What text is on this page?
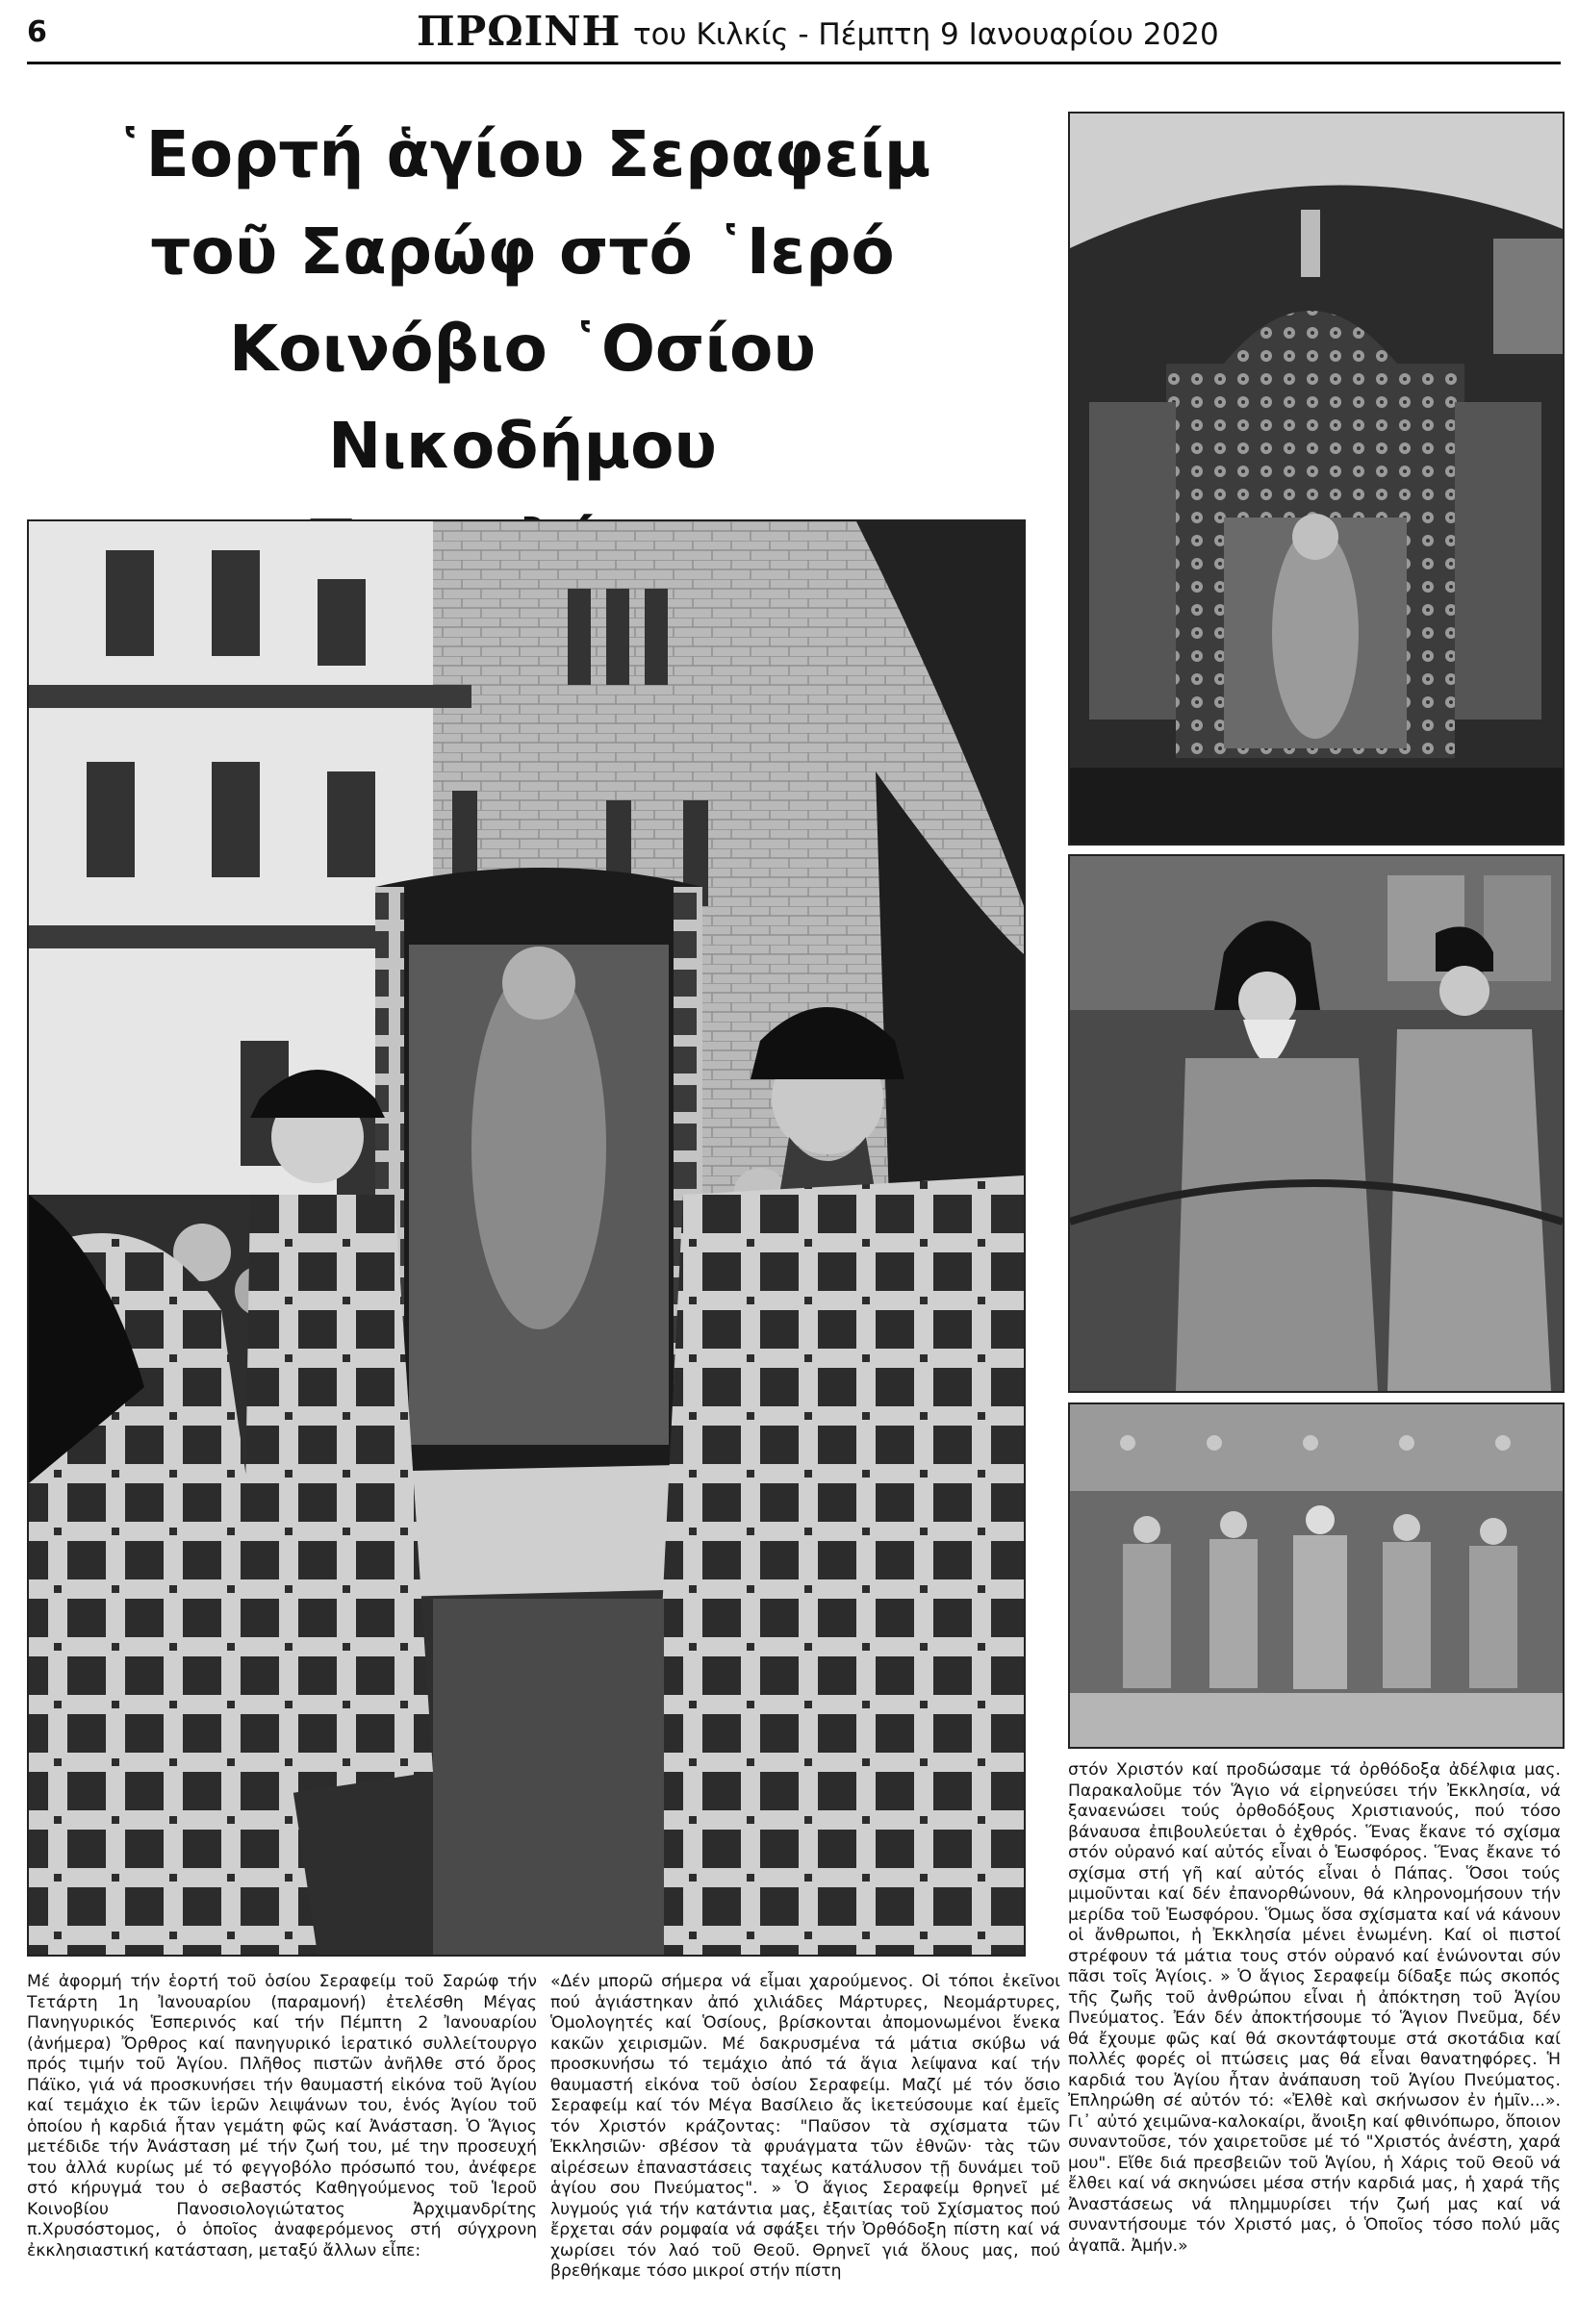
6	ΠΡΩΙΝΗ του Κιλκίς - Πέμπτη 9 Ιανουαρίου 2020
῾Εορτή ἁγίου Σεραφείμ
τοῦ Σαρώφ στό ῾Ιερό
Κοινόβιο ῾Οσίου Νικοδήμου

Μέ ἀφορμή τήν ἑορτή τοῦ ὁσίου Σεραφείμ τοῦ Σαρώφ τήν Τετάρτη 1η Ἰανουαρίου (παραμονή) ἐτελέσθη Μέγας Πανηγυρικός Ἑσπερινός καί τήν Πέμπτη 2 Ἰανουαρίου (ἀνήμερα) Ὄρθρος καί πανηγυρικό ἱερατικό συλλείτουργο πρός τιμήν τοῦ Ἁγίου. Πλῆθος πιστῶν ἀνῆλθε στό ὄρος Πάϊκο, γιά νά προσκυνήσει τήν θαυμαστή εἰκόνα τοῦ Ἁγίου καί τεμάχιο ἐκ τῶν ἱερῶν λειψάνων του, ἑνός Ἁγίου τοῦ ὁποίου ἡ καρδιά ἦταν γεμάτη φῶς καί Ἀνάσταση. Ὁ Ἅγιος μετέδιδε τήν Ἀνάσταση μέ τήν ζωή του, μέ την προσευχή του ἀλλά κυρίως μέ τό φεγγοβόλο πρόσωπό του, ἀνέφερε στό κήρυγμά του ὁ σεβαστός Καθηγούμενος τοῦ Ἱεροῦ Κοινοβίου Πανοσιολογιώτατος Ἀρχιμανδρίτης π.Χρυσόστομος, ὁ ὁποῖος ἀναφερόμενος στή σύγχρονη ἐκκλησιαστική κατάσταση, μεταξύ ἄλλων εἶπε:

«Δέν μπορῶ σήμερα νά εἶμαι χαρούμενος. Οἱ τόποι ἐκεῖνοι πού ἁγιάστηκαν ἀπό χιλιάδες Μάρτυρες, Νεομάρτυρες, Ὁμολογητές καί Ὁσίους, βρίσκονται ἀπομονωμένοι ἕνεκα κακῶν χειρισμῶν. Μέ δακρυσμένα τά μάτια σκύβω νά προσκυνήσω τό τεμάχιο ἀπό τά ἅγια λείψανα καί τήν θαυμαστή εἰκόνα τοῦ ὁσίου Σεραφείμ. Μαζί μέ τόν ὅσιο Σεραφείμ καί τόν Μέγα Βασίλειο ἄς ἱκετεύσουμε καί ἐμεῖς τόν Χριστόν κράζοντας: "Παῦσον τὰ σχίσματα τῶν Ἐκκλησιῶν· σβέσον τὰ φρυάγματα τῶν ἐθνῶν· τὰς τῶν αἱρέσεων ἐπαναστάσεις ταχέως κατάλυσον τῇ δυνάμει τοῦ ἁγίου σου Πνεύματος". » Ὁ ἅγιος Σεραφείμ θρηνεῖ μέ λυγμούς γιά τήν κατάντια μας, ἐξαιτίας τοῦ Σχίσματος πού ἔρχεται σάν ρομφαία νά σφάξει τήν Ὀρθόδοξη πίστη καί νά χωρίσει τόν λαό τοῦ Θεοῦ. Θρηνεῖ γιά ὅλους μας, πού βρεθήκαμε τόσο μικροί στήν πίστη

στόν Χριστόν καί προδώσαμε τά ὀρθόδοξα ἀδέλφια μας. Παρακαλοῦμε τόν Ἅγιο νά εἰρηνεύσει τήν Ἐκκλησία, νά ξαναενώσει τούς ὀρθοδόξους Χριστιανούς, πού τόσο βάναυσα ἐπιβουλεύεται ὁ ἐχθρός. Ἕνας ἔκανε τό σχίσμα στόν οὐρανό καί αὐτός εἶναι ὁ Ἑωσφόρος. Ἕνας ἔκανε τό σχίσμα στή γῆ καί αὐτός εἶναι ὁ Πάπας. Ὅσοι τούς μιμοῦνται καί δέν ἐπανορθώνουν, θά κληρονομήσουν τήν μερίδα τοῦ Ἑωσφόρου. Ὅμως ὅσα σχίσματα καί νά κάνουν οἱ ἄνθρωποι, ἡ Ἐκκλησία μένει ἑνωμένη. Καί οἱ πιστοί στρέφουν τά μάτια τους στόν οὐρανό καί ἑνώνονται σύν πᾶσι τοῖς Ἁγίοις. » Ὁ ἅγιος Σεραφείμ δίδαξε πώς σκοπός τῆς ζωῆς τοῦ ἀνθρώπου εἶναι ἡ ἀπόκτηση τοῦ Ἁγίου Πνεύματος. Ἐάν δέν ἀποκτήσουμε τό Ἅγιον Πνεῦμα, δέν θά ἔχουμε φῶς καί θά σκοντάφτουμε στά σκοτάδια καί πολλές φορές οἱ πτώσεις μας θά εἶναι θανατηφόρες. Ἡ καρδιά του Ἁγίου ἦταν ἀνάπαυση τοῦ Ἁγίου Πνεύματος. Ἐπληρώθη σέ αὐτόν τό: «Ἐλθὲ καὶ σκήνωσον ἐν ἡμῖν...». Γι᾽ αὐτό χειμῶνα-καλοκαίρι, ἄνοιξη καί φθινόπωρο, ὅποιον συναντοῦσε, τόν χαιρετοῦσε μέ τό "Χριστός ἀνέστη, χαρά μου". Εἴθε διά πρεσβειῶν τοῦ Ἁγίου, ἡ Χάρις τοῦ Θεοῦ νά ἔλθει καί νά σκηνώσει μέσα στήν καρδιά μας, ἡ χαρά τῆς Ἀναστάσεως νά πλημμυρίσει τήν ζωή μας καί νά συναντήσουμε τόν Χριστό μας, ὁ Ὁποῖος τόσο πολύ μᾶς ἀγαπᾶ. Ἀμήν.»
